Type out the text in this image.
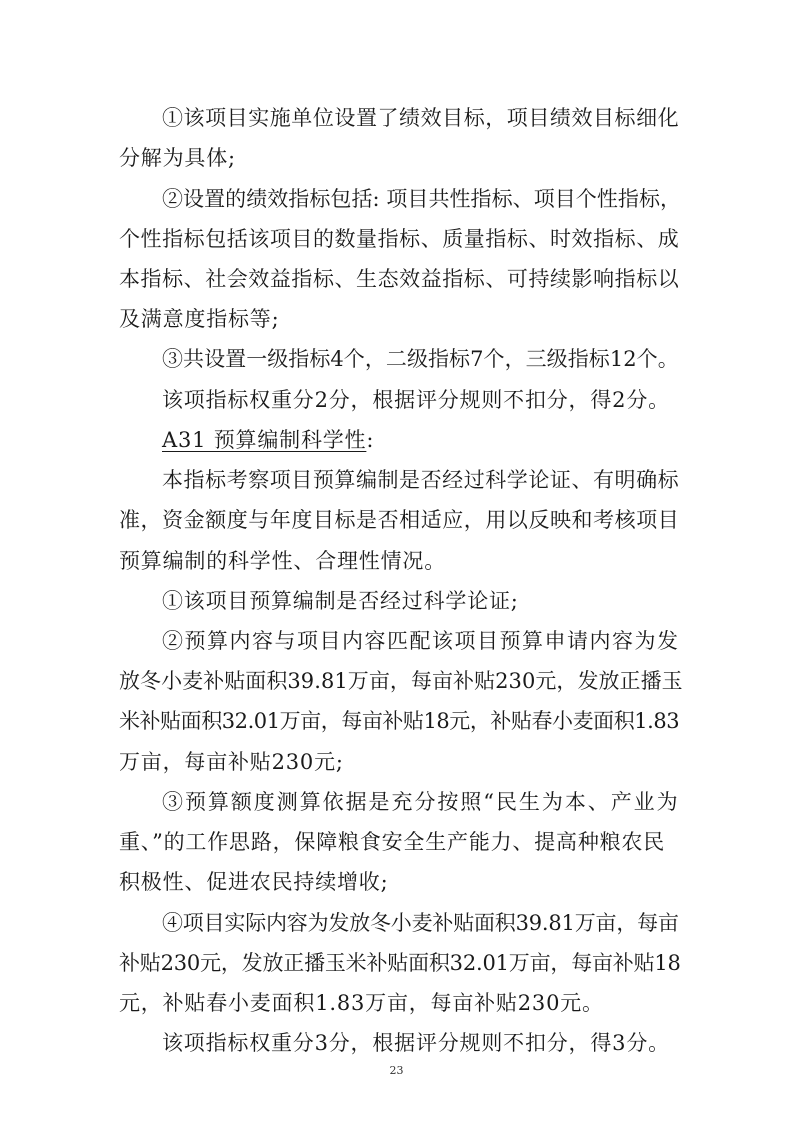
①该项目实施单位设置了绩效目标，项目绩效目标细化
分解为具体;
②设置的绩效指标包括: 项目共性指标、项目个性指标，
个性指标包括该项目的数量指标、质量指标、时效指标、成
本指标、社会效益指标、生态效益指标、可持续影响指标以
及满意度指标等;
③共设置一级指标4个，二级指标7个，三级指标12个。
该项指标权重分2分，根据评分规则不扣分，得2分。
A31 预算编制科学性:
本指标考察项目预算编制是否经过科学论证、有明确标
准，资金额度与年度目标是否相适应，用以反映和考核项目
预算编制的科学性、合理性情况。
①该项目预算编制是否经过科学论证;
②预算内容与项目内容匹配该项目预算申请内容为发
放冬小麦补贴面积39.81万亩，每亩补贴230元，发放正播玉
米补贴面积32.01万亩，每亩补贴18元，补贴春小麦面积1.83
万亩，每亩补贴230元;
③预算额度测算依据是充分按照“民生为本、产业为
重、”的工作思路，保障粮食安全生产能力、提高种粮农民
积极性、促进农民持续增收;
④项目实际内容为发放冬小麦补贴面积39.81万亩，每亩
补贴230元，发放正播玉米补贴面积32.01万亩，每亩补贴18
元，补贴春小麦面积1.83万亩，每亩补贴230元。
该项指标权重分3分，根据评分规则不扣分，得3分。
23
